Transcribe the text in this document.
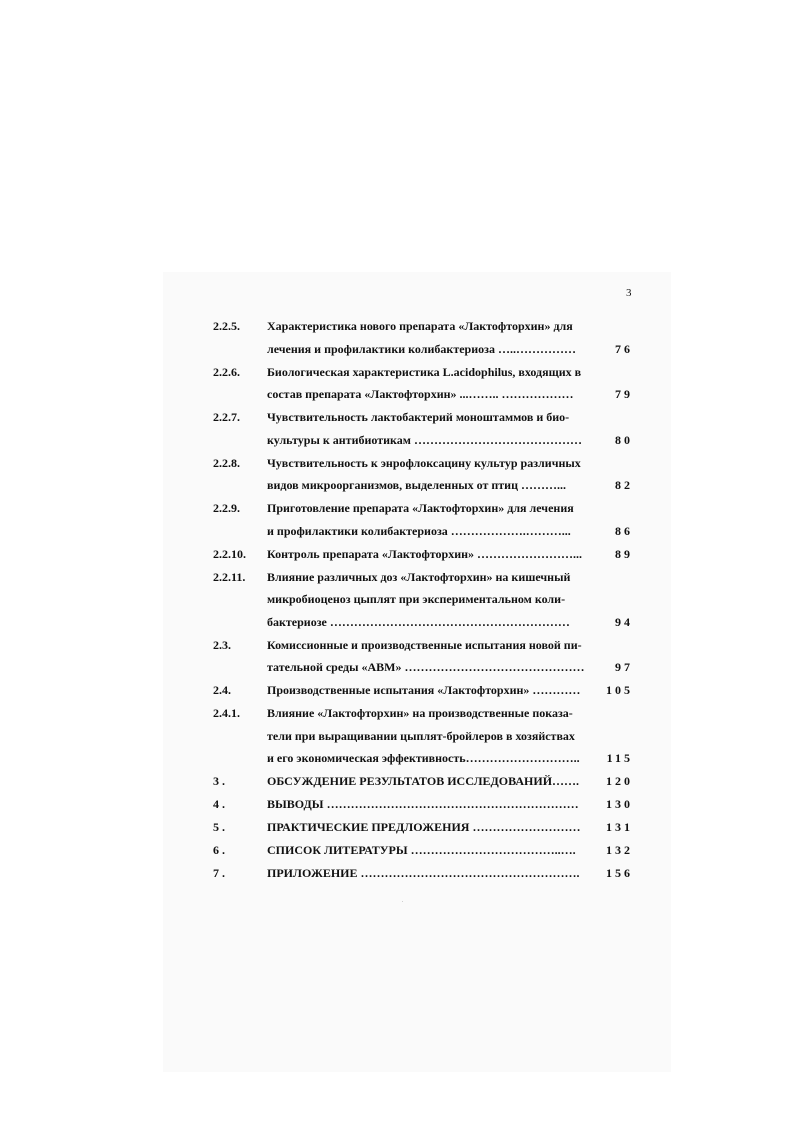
3
2.2.5.	Характеристика нового препарата «Лактофторхин» для
лечения и профилактики колибактериоза …..……………	76
2.2.6.	Биологическая характеристика L.acidophilus, входящих в
состав препарата «Лактофторхин» ...…….. ………………	79
2.2.7.	Чувствительность лактобактерий моноштаммов и био-
культуры к антибиотикам ……………………………………	80
2.2.8.	Чувствительность к энрофлоксацину культур различных
видов микроорганизмов, выделенных от птиц ………...	82
2.2.9.	Приготовление препарата «Лактофторхин» для лечения
и профилактики колибактериоза ……………….………...	86
2.2.10.	Контроль препарата «Лактофторхин» ……………………...	89
2.2.11.	Влияние различных доз «Лактофторхин» на кишечный
микробиоценоз цыплят при экспериментальном коли-
бактериозе ……………………………………………………	94
2.3.	Комиссионные и производственные испытания новой пи-
тательной среды «АВМ» ………………………………………	97
2.4.	Производственные испытания «Лактофторхин» …………	105
2.4.1.	Влияние «Лактофторхин» на производственные показа-
тели при выращивании цыплят-бройлеров в хозяйствах
и его экономическая эффективность………………………..	115
3 .	ОБСУЖДЕНИЕ РЕЗУЛЬТАТОВ ИССЛЕДОВАНИЙ…….	120
4 .	ВЫВОДЫ ………………………………………………………	130
5 .	ПРАКТИЧЕСКИЕ ПРЕДЛОЖЕНИЯ ………………………	131
6 .	СПИСОК ЛИТЕРАТУРЫ ………………………………..….	132
7 .	ПРИЛОЖЕНИЕ ……………………………………………….	156
